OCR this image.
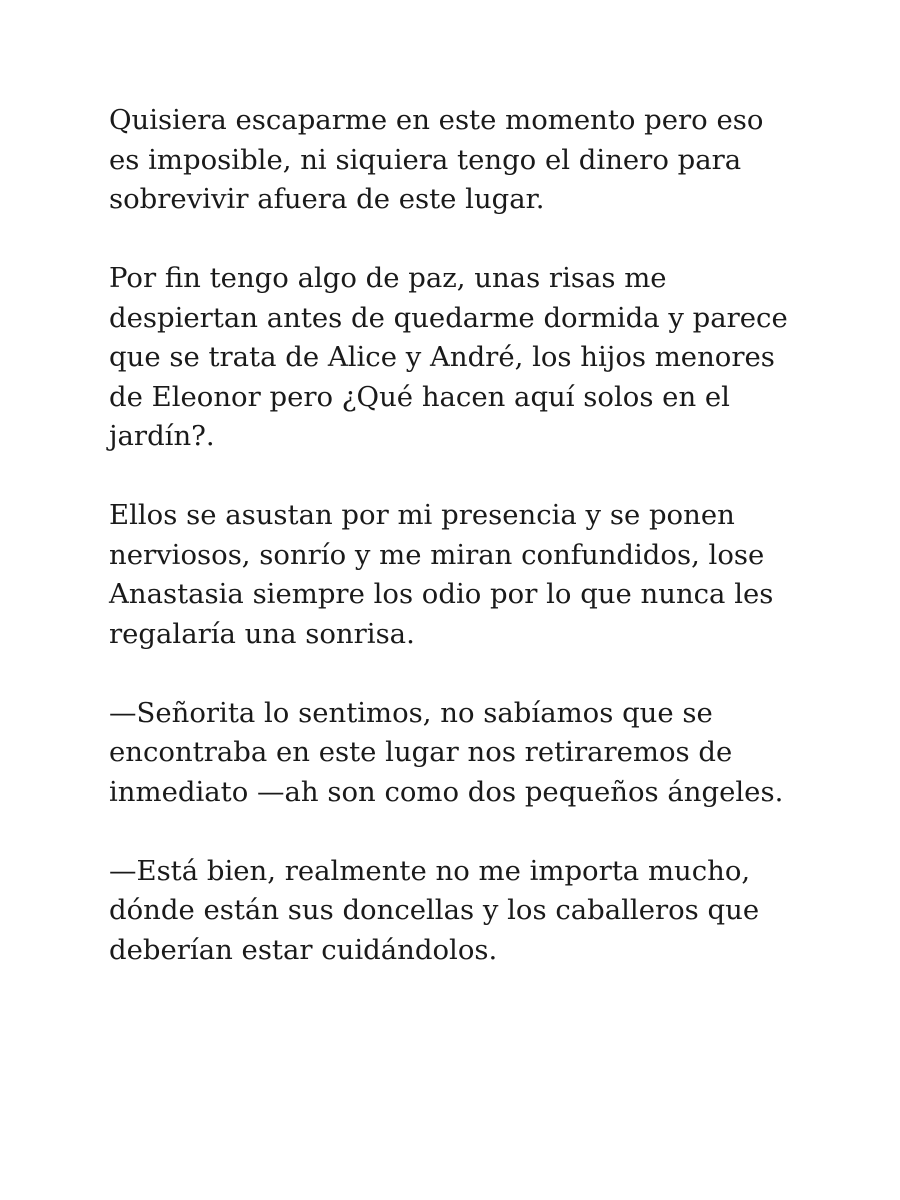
Quisiera escaparme en este momento pero eso
es imposible, ni siquiera tengo el dinero para
sobrevivir afuera de este lugar.

Por fin tengo algo de paz, unas risas me
despiertan antes de quedarme dormida y parece
que se trata de Alice y André, los hijos menores
de Eleonor pero ¿Qué hacen aquí solos en el
jardín?.

Ellos se asustan por mi presencia y se ponen
nerviosos, sonrío y me miran confundidos, lose
Anastasia siempre los odio por lo que nunca les
regalaría una sonrisa.

—Señorita lo sentimos, no sabíamos que se
encontraba en este lugar nos retiraremos de
inmediato —ah son como dos pequeños ángeles.

—Está bien, realmente no me importa mucho,
dónde están sus doncellas y los caballeros que
deberían estar cuidándolos.
